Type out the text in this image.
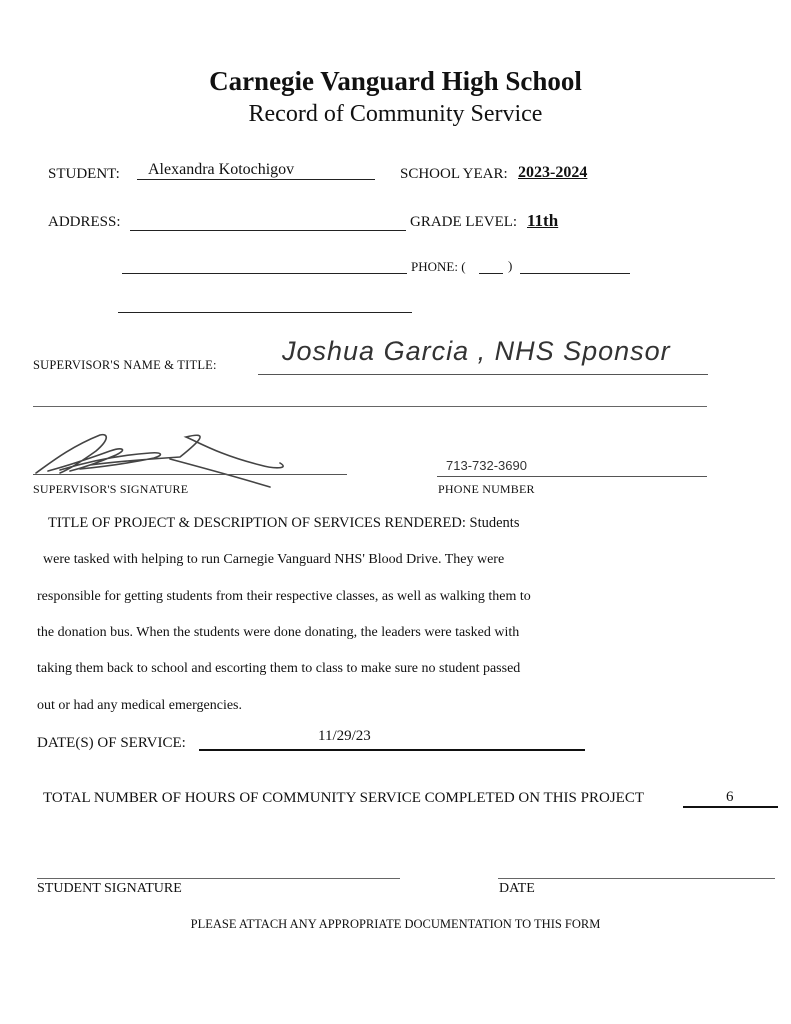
Carnegie Vanguard High School
Record of Community Service
STUDENT: Alexandra Kotochigov	SCHOOL YEAR: 2023-2024
ADDRESS:	GRADE LEVEL: 11th
PHONE: (	)
SUPERVISOR'S NAME & TITLE: Joshua Garcia , NHS Sponsor
SUPERVISOR'S SIGNATURE
713-732-3690
PHONE NUMBER
TITLE OF PROJECT & DESCRIPTION OF SERVICES RENDERED: Students
were tasked with helping to run Carnegie Vanguard NHS' Blood Drive. They were
responsible for getting students from their respective classes, as well as walking them to
the donation bus. When the students were done donating, the leaders were tasked with
taking them back to school and escorting them to class to make sure no student passed
out or had any medical emergencies.
DATE(S) OF SERVICE:	11/29/23
TOTAL NUMBER OF HOURS OF COMMUNITY SERVICE COMPLETED ON THIS PROJECT	6
STUDENT SIGNATURE	DATE
PLEASE ATTACH ANY APPROPRIATE DOCUMENTATION TO THIS FORM
